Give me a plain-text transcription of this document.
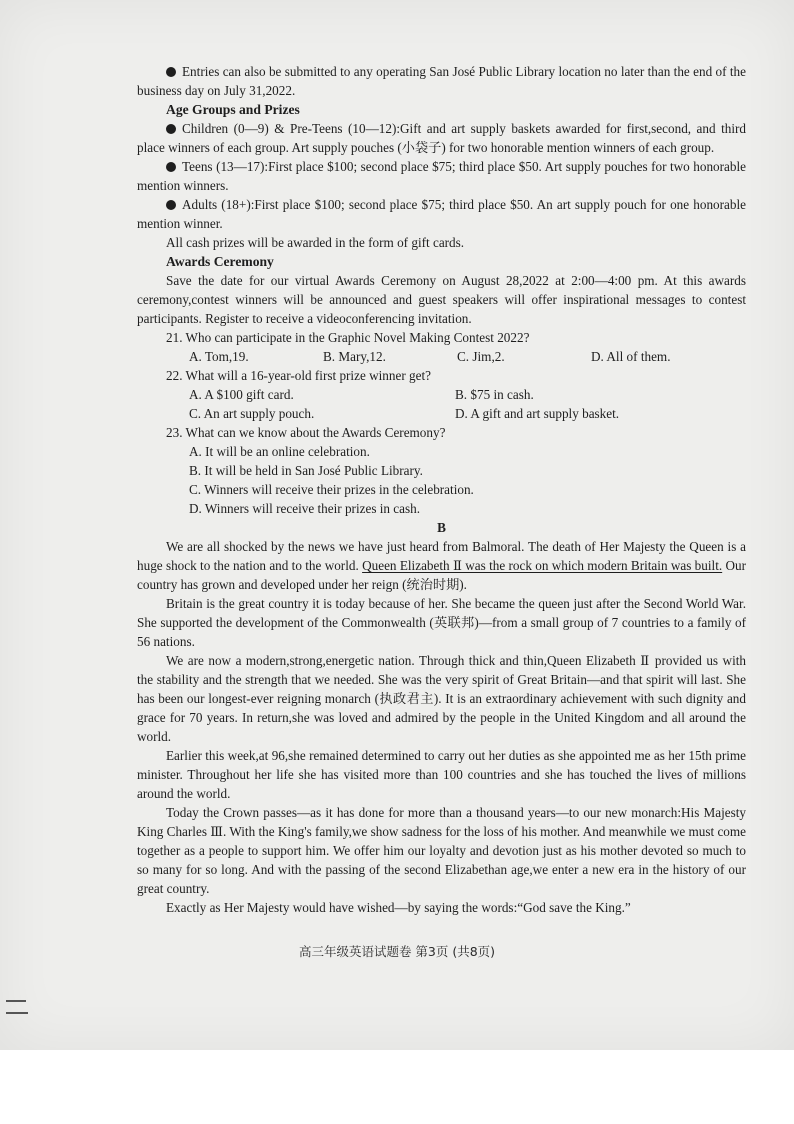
Entries can also be submitted to any operating San José Public Library location no later than the end of the business day on July 31,2022.

Age Groups and Prizes

Children (0—9) & Pre-Teens (10—12):Gift and art supply baskets awarded for first,second, and third place winners of each group. Art supply pouches (小袋子) for two honorable mention winners of each group.

Teens (13—17):First place $100; second place $75; third place $50. Art supply pouches for two honorable mention winners.

Adults (18+):First place $100; second place $75; third place $50. An art supply pouch for one honorable mention winner.

All cash prizes will be awarded in the form of gift cards.

Awards Ceremony

Save the date for our virtual Awards Ceremony on August 28,2022 at 2:00—4:00 pm. At this awards ceremony,contest winners will be announced and guest speakers will offer inspirational messages to contest participants. Register to receive a videoconferencing invitation.

21. Who can participate in the Graphic Novel Making Contest 2022?

A. Tom,19.	B. Mary,12.	C. Jim,2.	D. All of them.

22. What will a 16-year-old first prize winner get?

A. A $100 gift card.	B. $75 in cash.
C. An art supply pouch.	D. A gift and art supply basket.

23. What can we know about the Awards Ceremony?

A. It will be an online celebration.

B. It will be held in San José Public Library.

C. Winners will receive their prizes in the celebration.

D. Winners will receive their prizes in cash.

B

We are all shocked by the news we have just heard from Balmoral. The death of Her Majesty the Queen is a huge shock to the nation and to the world. Queen Elizabeth Ⅱ was the rock on which modern Britain was built. Our country has grown and developed under her reign (统治时期).

Britain is the great country it is today because of her. She became the queen just after the Second World War. She supported the development of the Commonwealth (英联邦)—from a small group of 7 countries to a family of 56 nations.

We are now a modern,strong,energetic nation. Through thick and thin,Queen Elizabeth Ⅱ provided us with the stability and the strength that we needed. She was the very spirit of Great Britain—and that spirit will last. She has been our longest-ever reigning monarch (执政君主). It is an extraordinary achievement with such dignity and grace for 70 years. In return,she was loved and admired by the people in the United Kingdom and all around the world.

Earlier this week,at 96,she remained determined to carry out her duties as she appointed me as her 15th prime minister. Throughout her life she has visited more than 100 countries and she has touched the lives of millions around the world.

Today the Crown passes—as it has done for more than a thousand years—to our new monarch:His Majesty King Charles Ⅲ. With the King's family,we show sadness for the loss of his mother. And meanwhile we must come together as a people to support him. We offer him our loyalty and devotion just as his mother devoted so much to so many for so long. And with the passing of the second Elizabethan age,we enter a new era in the history of our great country.

Exactly as Her Majesty would have wished—by saying the words:“God save the King.”

高三年级英语试题卷 第3页 (共8页)
